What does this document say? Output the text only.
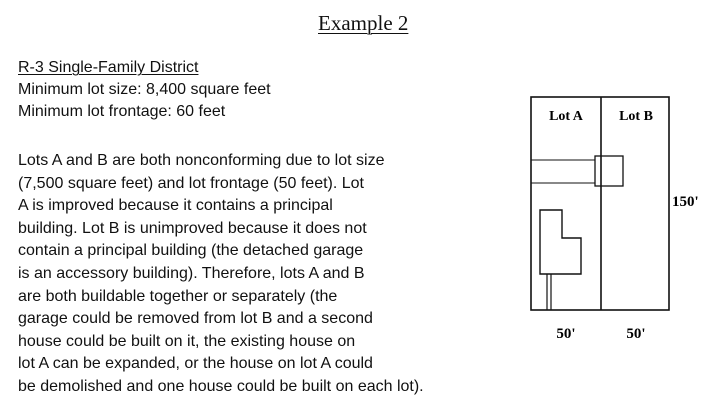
Example 2
R-3 Single-Family District
Minimum lot size: 8,400 square feet
Minimum lot frontage: 60 feet
Lots A and B are both nonconforming due to lot size
(7,500 square feet) and lot frontage (50 feet). Lot
A is improved because it contains a principal
building. Lot B is unimproved because it does not
contain a principal building (the detached garage
is an accessory building). Therefore, lots A and B
are both buildable together or separately (the
garage could be removed from lot B and a second
house could be built on it, the existing house on
lot A can be expanded, or the house on lot A could
be demolished and one house could be built on each lot).
Lot A	Lot B
150'
50'	50'
